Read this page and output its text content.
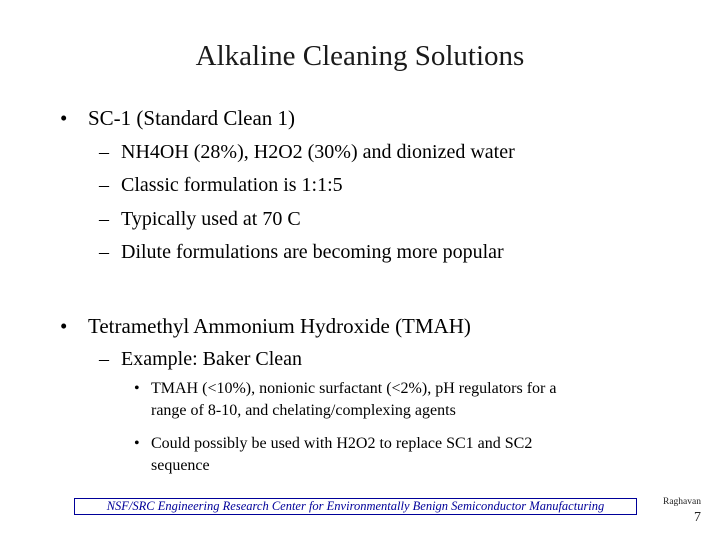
Alkaline Cleaning Solutions
• SC-1 (Standard Clean 1)
– NH4OH (28%), H2O2 (30%) and dionized water
– Classic formulation is 1:1:5
– Typically used at 70 C
– Dilute formulations are becoming more popular
• Tetramethyl Ammonium Hydroxide (TMAH)
– Example: Baker Clean
• TMAH (<10%), nonionic surfactant (<2%), pH regulators for a
range of 8-10, and chelating/complexing agents
• Could possibly be used with H2O2 to replace SC1 and SC2
sequence
NSF/SRC Engineering Research Center for Environmentally Benign Semiconductor Manufacturing	Raghavan
7
